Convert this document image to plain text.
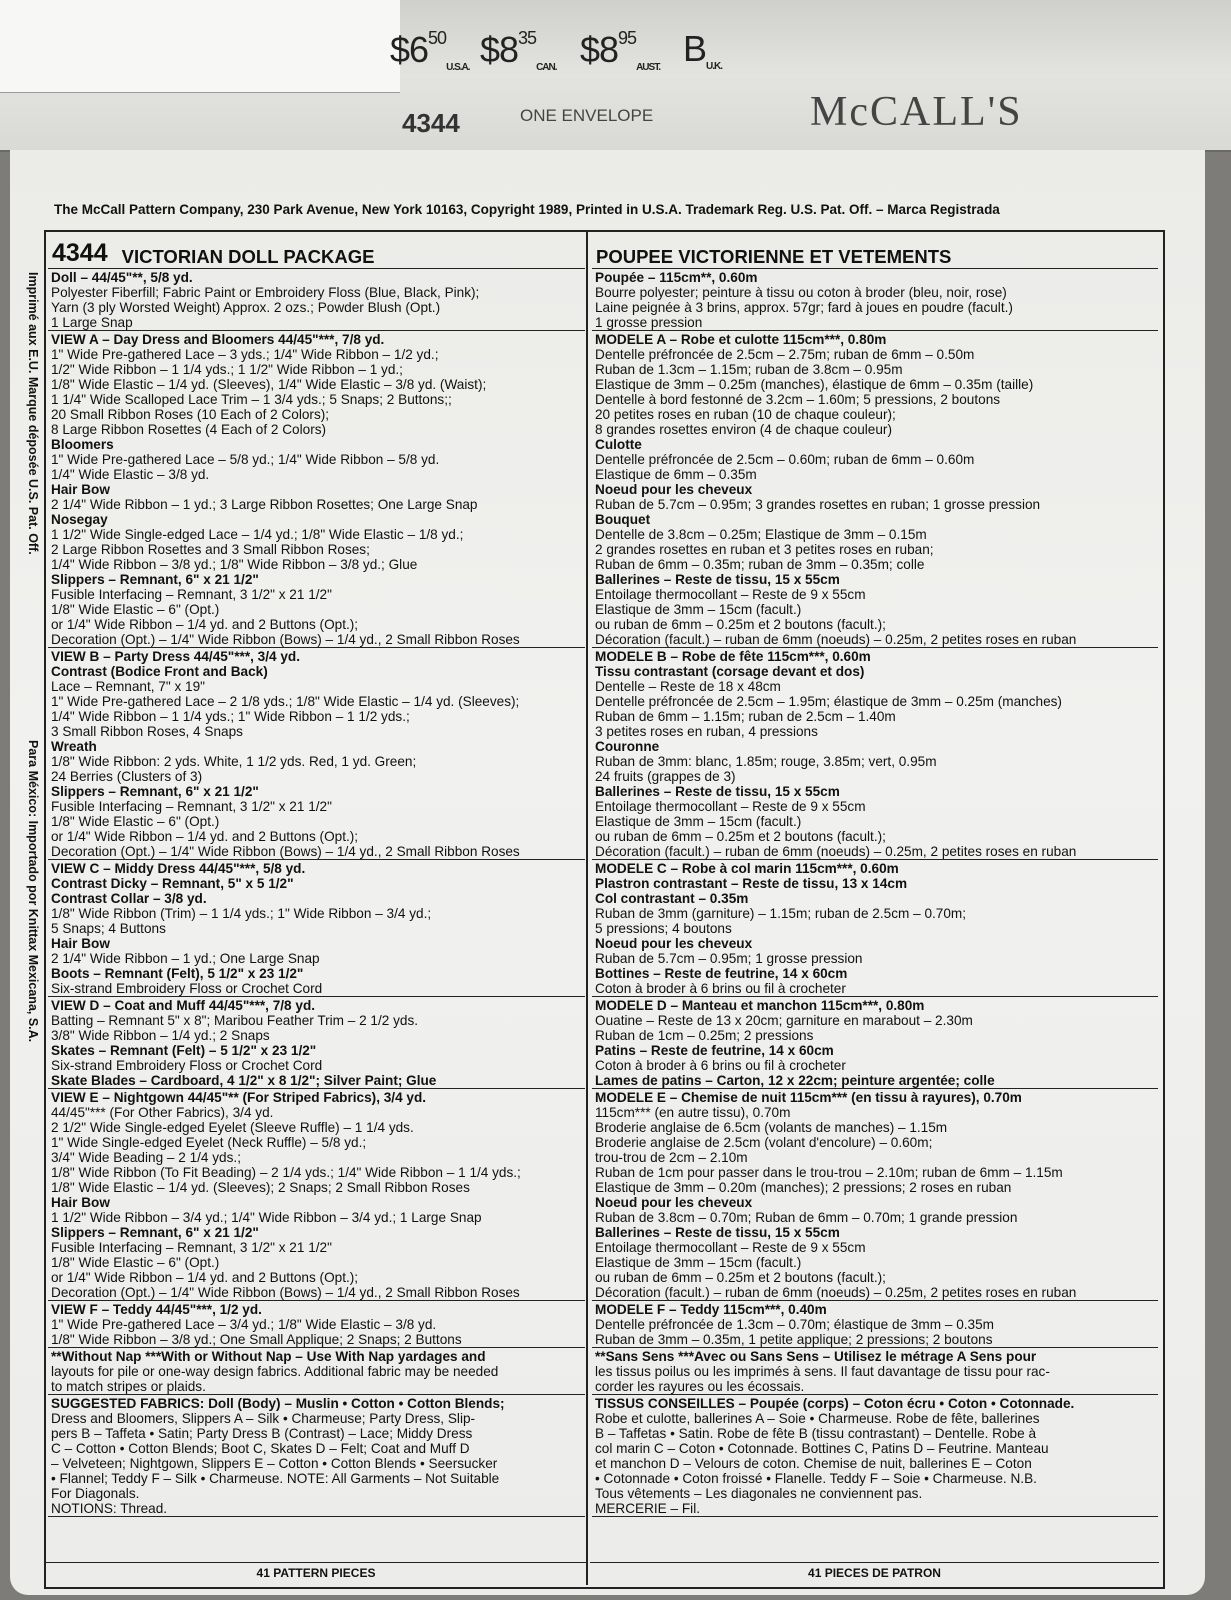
$\$6^{50}_{U.S.A.}$ $\$8^{35}_{CAN.}$ $\$8^{95}_{AUST.}$ $B_{U.K.}$
4344	ONE ENVELOPE	McCALL'S
The McCall Pattern Company, 230 Park Avenue, New York 10163, Copyright 1989, Printed in U.S.A. Trademark Reg. U.S. Pat. Off. – Marca Registrada
Imprimé aux E.U. Marque déposée U.S. Pat. Off.
Para México: Importado por Knittax Mexicana, S.A.
4344 VICTORIAN DOLL PACKAGE
Doll – 44/45"**, 5/8 yd.
Polyester Fiberfill; Fabric Paint or Embroidery Floss (Blue, Black, Pink);
Yarn (3 ply Worsted Weight) Approx. 2 ozs.; Powder Blush (Opt.)
1 Large Snap
VIEW A – Day Dress and Bloomers 44/45"***, 7/8 yd.
1" Wide Pre-gathered Lace – 3 yds.; 1/4" Wide Ribbon – 1/2 yd.;
1/2" Wide Ribbon – 1 1/4 yds.; 1 1/2" Wide Ribbon – 1 yd.;
1/8" Wide Elastic – 1/4 yd. (Sleeves), 1/4" Wide Elastic – 3/8 yd. (Waist);
1 1/4" Wide Scalloped Lace Trim – 1 3/4 yds.; 5 Snaps; 2 Buttons;;
20 Small Ribbon Roses (10 Each of 2 Colors);
8 Large Ribbon Rosettes (4 Each of 2 Colors)
Bloomers
1" Wide Pre-gathered Lace – 5/8 yd.; 1/4" Wide Ribbon – 5/8 yd.
1/4" Wide Elastic – 3/8 yd.
Hair Bow
2 1/4" Wide Ribbon – 1 yd.; 3 Large Ribbon Rosettes; One Large Snap
Nosegay
1 1/2" Wide Single-edged Lace – 1/4 yd.; 1/8" Wide Elastic – 1/8 yd.;
2 Large Ribbon Rosettes and 3 Small Ribbon Roses;
1/4" Wide Ribbon – 3/8 yd.; 1/8" Wide Ribbon – 3/8 yd.; Glue
Slippers – Remnant, 6" x 21 1/2"
Fusible Interfacing – Remnant, 3 1/2" x 21 1/2"
1/8" Wide Elastic – 6" (Opt.)
or 1/4" Wide Ribbon – 1/4 yd. and 2 Buttons (Opt.);
Decoration (Opt.) – 1/4" Wide Ribbon (Bows) – 1/4 yd., 2 Small Ribbon Roses
VIEW B – Party Dress 44/45"***, 3/4 yd.
Contrast (Bodice Front and Back)
Lace – Remnant, 7" x 19"
1" Wide Pre-gathered Lace – 2 1/8 yds.; 1/8" Wide Elastic – 1/4 yd. (Sleeves);
1/4" Wide Ribbon – 1 1/4 yds.; 1" Wide Ribbon – 1 1/2 yds.;
3 Small Ribbon Roses, 4 Snaps
Wreath
1/8" Wide Ribbon: 2 yds. White, 1 1/2 yds. Red, 1 yd. Green;
24 Berries (Clusters of 3)
Slippers – Remnant, 6" x 21 1/2"
Fusible Interfacing – Remnant, 3 1/2" x 21 1/2"
1/8" Wide Elastic – 6" (Opt.)
or 1/4" Wide Ribbon – 1/4 yd. and 2 Buttons (Opt.);
Decoration (Opt.) – 1/4" Wide Ribbon (Bows) – 1/4 yd., 2 Small Ribbon Roses
VIEW C – Middy Dress 44/45"***, 5/8 yd.
Contrast Dicky – Remnant, 5" x 5 1/2"
Contrast Collar – 3/8 yd.
1/8" Wide Ribbon (Trim) – 1 1/4 yds.; 1" Wide Ribbon – 3/4 yd.;
5 Snaps; 4 Buttons
Hair Bow
2 1/4" Wide Ribbon – 1 yd.; One Large Snap
Boots – Remnant (Felt), 5 1/2" x 23 1/2"
Six-strand Embroidery Floss or Crochet Cord
VIEW D – Coat and Muff 44/45"***, 7/8 yd.
Batting – Remnant 5" x 8"; Maribou Feather Trim – 2 1/2 yds.
3/8" Wide Ribbon – 1/4 yd.; 2 Snaps
Skates – Remnant (Felt) – 5 1/2" x 23 1/2"
Six-strand Embroidery Floss or Crochet Cord
Skate Blades – Cardboard, 4 1/2" x 8 1/2"; Silver Paint; Glue
VIEW E – Nightgown 44/45"** (For Striped Fabrics), 3/4 yd.
44/45"*** (For Other Fabrics), 3/4 yd.
2 1/2" Wide Single-edged Eyelet (Sleeve Ruffle) – 1 1/4 yds.
1" Wide Single-edged Eyelet (Neck Ruffle) – 5/8 yd.;
3/4" Wide Beading – 2 1/4 yds.;
1/8" Wide Ribbon (To Fit Beading) – 2 1/4 yds.; 1/4" Wide Ribbon – 1 1/4 yds.;
1/8" Wide Elastic – 1/4 yd. (Sleeves); 2 Snaps; 2 Small Ribbon Roses
Hair Bow
1 1/2" Wide Ribbon – 3/4 yd.; 1/4" Wide Ribbon – 3/4 yd.; 1 Large Snap
Slippers – Remnant, 6" x 21 1/2"
Fusible Interfacing – Remnant, 3 1/2" x 21 1/2"
1/8" Wide Elastic – 6" (Opt.)
or 1/4" Wide Ribbon – 1/4 yd. and 2 Buttons (Opt.);
Decoration (Opt.) – 1/4" Wide Ribbon (Bows) – 1/4 yd., 2 Small Ribbon Roses
VIEW F – Teddy 44/45"***, 1/2 yd.
1" Wide Pre-gathered Lace – 3/4 yd.; 1/8" Wide Elastic – 3/8 yd.
1/8" Wide Ribbon – 3/8 yd.; One Small Applique; 2 Snaps; 2 Buttons
**Without Nap ***With or Without Nap – Use With Nap yardages and
layouts for pile or one-way design fabrics. Additional fabric may be needed
to match stripes or plaids.
SUGGESTED FABRICS: Doll (Body) – Muslin • Cotton • Cotton Blends;
Dress and Bloomers, Slippers A – Silk • Charmeuse; Party Dress, Slip-
pers B – Taffeta • Satin; Party Dress B (Contrast) – Lace; Middy Dress
C – Cotton • Cotton Blends; Boot C, Skates D – Felt; Coat and Muff D
– Velveteen; Nightgown, Slippers E – Cotton • Cotton Blends • Seersucker
• Flannel; Teddy F – Silk • Charmeuse. NOTE: All Garments – Not Suitable
For Diagonals.
NOTIONS: Thread.
POUPEE VICTORIENNE ET VETEMENTS
Poupée – 115cm**, 0.60m
Bourre polyester; peinture à tissu ou coton à broder (bleu, noir, rose)
Laine peignée à 3 brins, approx. 57gr; fard à joues en poudre (facult.)
1 grosse pression
MODELE A – Robe et culotte 115cm***, 0.80m
Dentelle préfroncée de 2.5cm – 2.75m; ruban de 6mm – 0.50m
Ruban de 1.3cm – 1.15m; ruban de 3.8cm – 0.95m
Elastique de 3mm – 0.25m (manches), élastique de 6mm – 0.35m (taille)
Dentelle à bord festonné de 3.2cm – 1.60m; 5 pressions, 2 boutons
20 petites roses en ruban (10 de chaque couleur);
8 grandes rosettes environ (4 de chaque couleur)
Culotte
Dentelle préfroncée de 2.5cm – 0.60m; ruban de 6mm – 0.60m
Elastique de 6mm – 0.35m
Noeud pour les cheveux
Ruban de 5.7cm – 0.95m; 3 grandes rosettes en ruban; 1 grosse pression
Bouquet
Dentelle de 3.8cm – 0.25m; Elastique de 3mm – 0.15m
2 grandes rosettes en ruban et 3 petites roses en ruban;
Ruban de 6mm – 0.35m; ruban de 3mm – 0.35m; colle
Ballerines – Reste de tissu, 15 x 55cm
Entoilage thermocollant – Reste de 9 x 55cm
Elastique de 3mm – 15cm (facult.)
ou ruban de 6mm – 0.25m et 2 boutons (facult.);
Décoration (facult.) – ruban de 6mm (noeuds) – 0.25m, 2 petites roses en ruban
MODELE B – Robe de fête 115cm***, 0.60m
Tissu contrastant (corsage devant et dos)
Dentelle – Reste de 18 x 48cm
Dentelle préfroncée de 2.5cm – 1.95m; élastique de 3mm – 0.25m (manches)
Ruban de 6mm – 1.15m; ruban de 2.5cm – 1.40m
3 petites roses en ruban, 4 pressions
Couronne
Ruban de 3mm: blanc, 1.85m; rouge, 3.85m; vert, 0.95m
24 fruits (grappes de 3)
Ballerines – Reste de tissu, 15 x 55cm
Entoilage thermocollant – Reste de 9 x 55cm
Elastique de 3mm – 15cm (facult.)
ou ruban de 6mm – 0.25m et 2 boutons (facult.);
Décoration (facult.) – ruban de 6mm (noeuds) – 0.25m, 2 petites roses en ruban
MODELE C – Robe à col marin 115cm***, 0.60m
Plastron contrastant – Reste de tissu, 13 x 14cm
Col contrastant – 0.35m
Ruban de 3mm (garniture) – 1.15m; ruban de 2.5cm – 0.70m;
5 pressions; 4 boutons
Noeud pour les cheveux
Ruban de 5.7cm – 0.95m; 1 grosse pression
Bottines – Reste de feutrine, 14 x 60cm
Coton à broder à 6 brins ou fil à crocheter
MODELE D – Manteau et manchon 115cm***, 0.80m
Ouatine – Reste de 13 x 20cm; garniture en marabout – 2.30m
Ruban de 1cm – 0.25m; 2 pressions
Patins – Reste de feutrine, 14 x 60cm
Coton à broder à 6 brins ou fil à crocheter
Lames de patins – Carton, 12 x 22cm; peinture argentée; colle
MODELE E – Chemise de nuit 115cm*** (en tissu à rayures), 0.70m
115cm*** (en autre tissu), 0.70m
Broderie anglaise de 6.5cm (volants de manches) – 1.15m
Broderie anglaise de 2.5cm (volant d'encolure) – 0.60m;
trou-trou de 2cm – 2.10m
Ruban de 1cm pour passer dans le trou-trou – 2.10m; ruban de 6mm – 1.15m
Elastique de 3mm – 0.20m (manches); 2 pressions; 2 roses en ruban
Noeud pour les cheveux
Ruban de 3.8cm – 0.70m; Ruban de 6mm – 0.70m; 1 grande pression
Ballerines – Reste de tissu, 15 x 55cm
Entoilage thermocollant – Reste de 9 x 55cm
Elastique de 3mm – 15cm (facult.)
ou ruban de 6mm – 0.25m et 2 boutons (facult.);
Décoration (facult.) – ruban de 6mm (noeuds) – 0.25m, 2 petites roses en ruban
MODELE F – Teddy 115cm***, 0.40m
Dentelle préfroncée de 1.3cm – 0.70m; élastique de 3mm – 0.35m
Ruban de 3mm – 0.35m, 1 petite applique; 2 pressions; 2 boutons
**Sans Sens ***Avec ou Sans Sens – Utilisez le métrage A Sens pour
les tissus poilus ou les imprimés à sens. Il faut davantage de tissu pour rac-
corder les rayures ou les écossais.
TISSUS CONSEILLES – Poupée (corps) – Coton écru • Coton • Cotonnade.
Robe et culotte, ballerines A – Soie • Charmeuse. Robe de fête, ballerines
B – Taffetas • Satin. Robe de fête B (tissu contrastant) – Dentelle. Robe à
col marin C – Coton • Cotonnade. Bottines C, Patins D – Feutrine. Manteau
et manchon D – Velours de coton. Chemise de nuit, ballerines E – Coton
• Cotonnade • Coton froissé • Flanelle. Teddy F – Soie • Charmeuse. N.B.
Tous vêtements – Les diagonales ne conviennent pas.
MERCERIE – Fil.
41 PATTERN PIECES	41 PIECES DE PATRON
